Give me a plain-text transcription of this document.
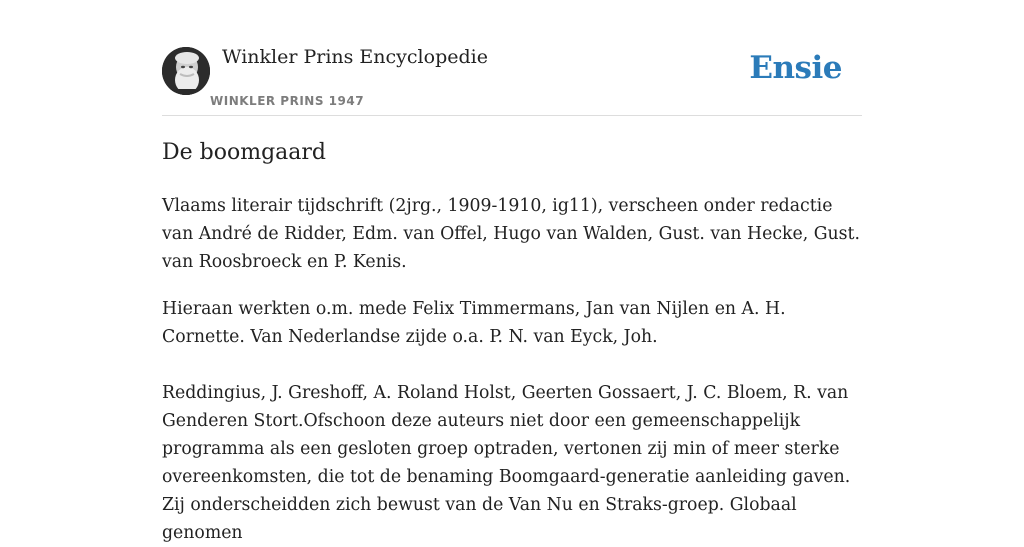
Winkler Prins Encyclopedie
WINKLER PRINS 1947
Ensie
De boomgaard

Vlaams literair tijdschrift (2jrg., 1909-1910, ig11), verscheen onder redactie van André de Ridder, Edm. van Offel, Hugo van Walden, Gust. van Hecke, Gust. van Roosbroeck en P. Kenis.

Hieraan werkten o.m. mede Felix Timmermans, Jan van Nijlen en A. H. Cornette. Van Nederlandse zijde o.a. P. N. van Eyck, Joh.

Reddingius, J. Greshoff, A. Roland Holst, Geerten Gossaert, J. C. Bloem, R. van Genderen Stort.Ofschoon deze auteurs niet door een gemeenschappelijk programma als een gesloten groep optraden, vertonen zij min of meer sterke overeenkomsten, die tot de benaming Boomgaard-generatie aanleiding gaven. Zij onderscheidden zich bewust van de Van Nu en Straks-groep. Globaal genomen
